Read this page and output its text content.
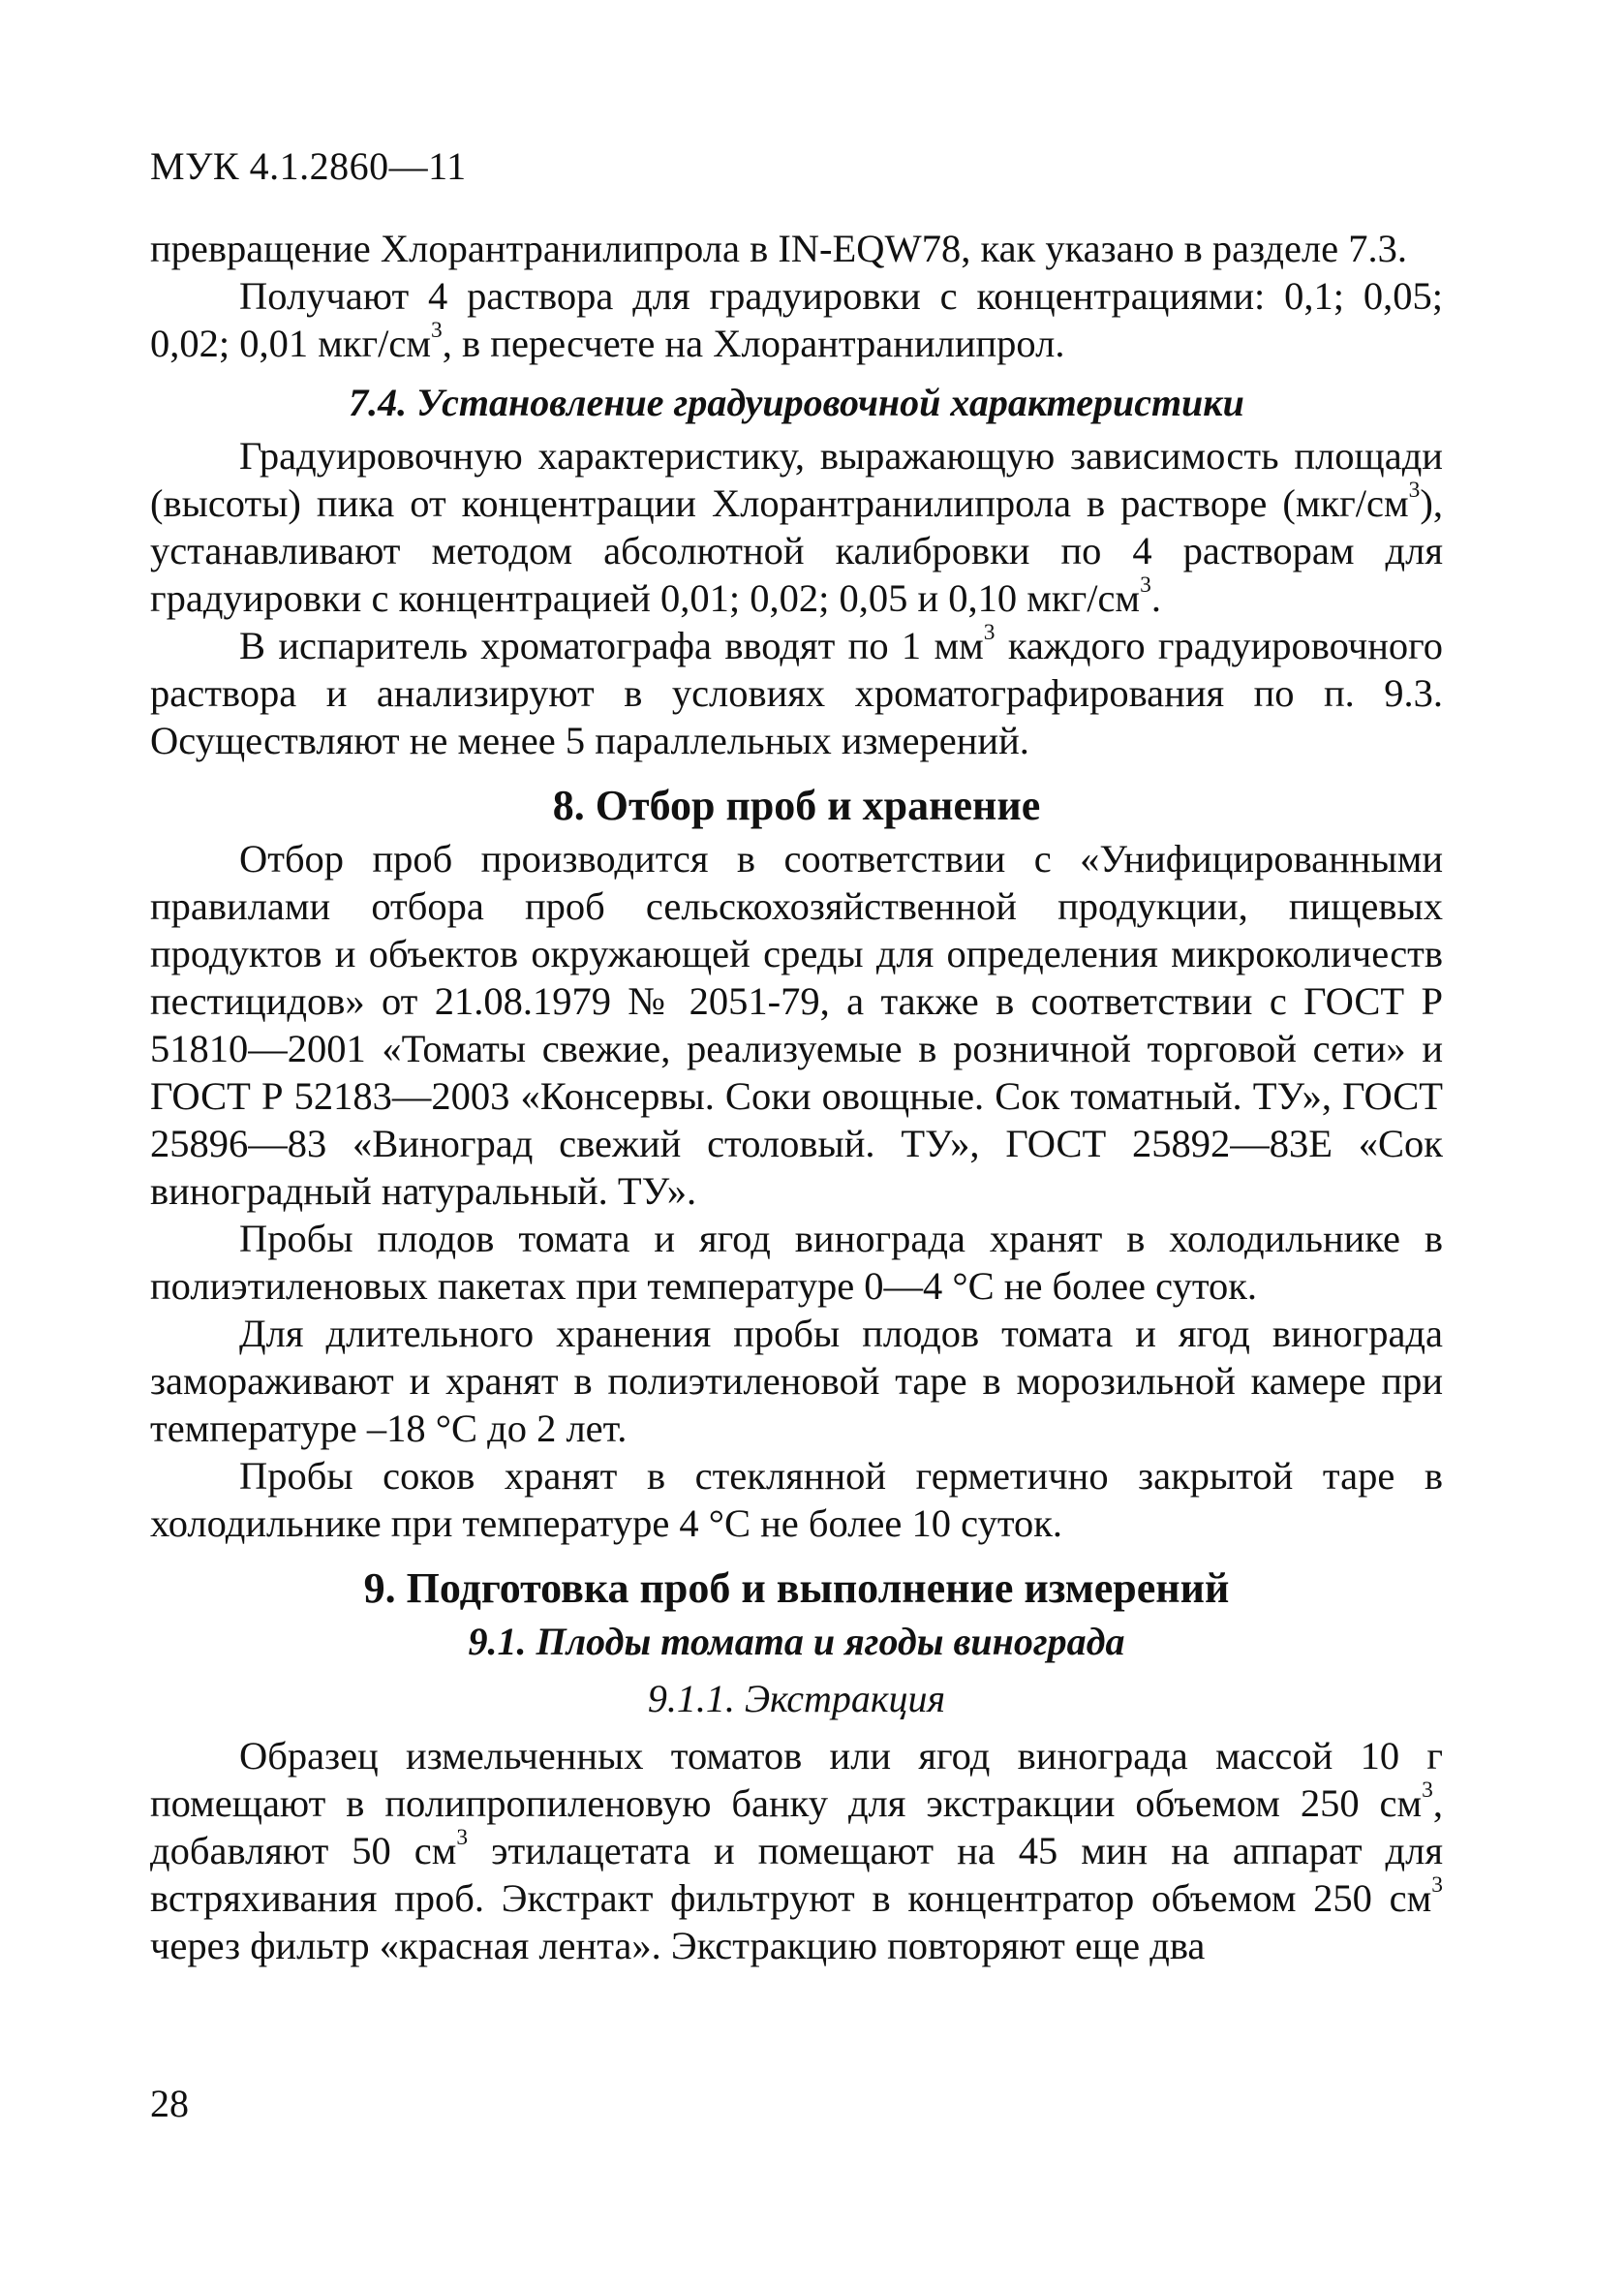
МУК 4.1.2860—11

превращение Хлорантранилипрола в IN-EQW78, как указано в разделе 7.3.

Получают 4 раствора для градуировки с концентрациями: 0,1; 0,05; 0,02; 0,01 мкг/$см^3$, в пересчете на Хлорантранилипрол.

7.4. Установление градуировочной характеристики

Градуировочную характеристику, выражающую зависимость площади (высоты) пика от концентрации Хлорантранилипрола в растворе $(мкг/см^3)$, устанавливают методом абсолютной калибровки по 4 растворам для градуировки с концентрацией 0,01; 0,02; 0,05 и 0,10 мкг/$см^3$.

В испаритель хроматографа вводят по 1 $мм^3$ каждого градуировочного раствора и анализируют в условиях хроматографирования по п. 9.3. Осуществляют не менее 5 параллельных измерений.

8. Отбор проб и хранение

Отбор проб производится в соответствии с «Унифицированными правилами отбора проб сельскохозяйственной продукции, пищевых продуктов и объектов окружающей среды для определения микроколичеств пестицидов» от 21.08.1979 № 2051-79, а также в соответствии с ГОСТ Р 51810—2001 «Томаты свежие, реализуемые в розничной торговой сети» и ГОСТ Р 52183—2003 «Консервы. Соки овощные. Сок томатный. ТУ», ГОСТ 25896—83 «Виноград свежий столовый. ТУ», ГОСТ 25892—83Е «Сок виноградный натуральный. ТУ».

Пробы плодов томата и ягод винограда хранят в холодильнике в полиэтиленовых пакетах при температуре 0—4 °С не более суток.

Для длительного хранения пробы плодов томата и ягод винограда замораживают и хранят в полиэтиленовой таре в морозильной камере при температуре –18 °С до 2 лет.

Пробы соков хранят в стеклянной герметично закрытой таре в холодильнике при температуре 4 °С не более 10 суток.

9. Подготовка проб и выполнение измерений
9.1. Плоды томата и ягоды винограда
9.1.1. Экстракция

Образец измельченных томатов или ягод винограда массой 10 г помещают в полипропиленовую банку для экстракции объемом 250 $см^3$, добавляют 50 $см^3$ этилацетата и помещают на 45 мин на аппарат для встряхивания проб. Экстракт фильтруют в концентратор объемом 250 $см^3$ через фильтр «красная лента». Экстракцию повторяют еще два

28
